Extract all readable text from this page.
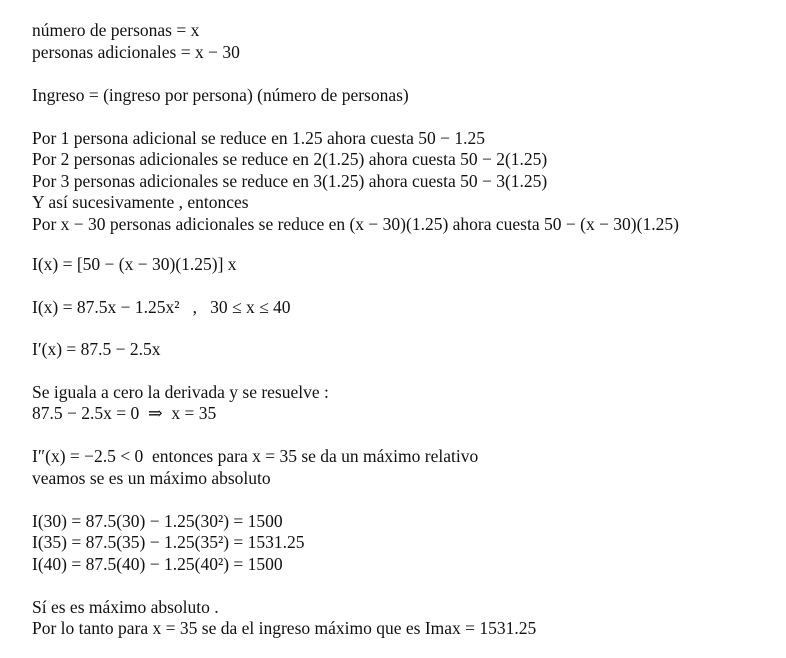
número de personas = x
personas adicionales = x − 30
Ingreso = (ingreso por persona) (número de personas)
Por 1 persona adicional se reduce en 1.25 ahora cuesta 50 − 1.25
Por 2 personas adicionales se reduce en 2(1.25) ahora cuesta 50 − 2(1.25)
Por 3 personas adicionales se reduce en 3(1.25) ahora cuesta 50 − 3(1.25)
Y así sucesivamente , entonces
Por x − 30 personas adicionales se reduce en (x − 30)(1.25) ahora cuesta 50 − (x − 30)(1.25)
I(x) = [50 − (x − 30)(1.25)] x
I(x) = 87.5x − 1.25x²   ,   30 ≤ x ≤ 40
I′(x) = 87.5 − 2.5x
Se iguala a cero la derivada y se resuelve :
87.5 − 2.5x = 0  ⇒  x = 35
I″(x) = −2.5 < 0  entonces para x = 35 se da un máximo relativo
veamos se es un máximo absoluto
I(30) = 87.5(30) − 1.25(30²) = 1500
I(35) = 87.5(35) − 1.25(35²) = 1531.25
I(40) = 87.5(40) − 1.25(40²) = 1500
Sí es es máximo absoluto .
Por lo tanto para x = 35 se da el ingreso máximo que es Imax = 1531.25
